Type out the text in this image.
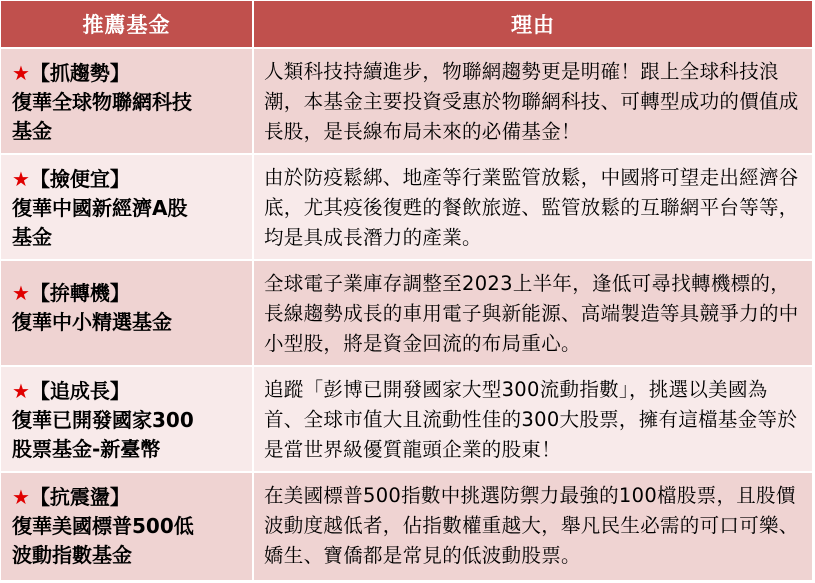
推薦基金	理由
★【抓趨勢】
復華全球物聯網科技
基金
人類科技持續進步，物聯網趨勢更是明確！跟上全球科技浪潮，本基金主要投資受惠於物聯網科技、可轉型成功的價值成長股，是長線布局未來的必備基金！
★【撿便宜】
復華中國新經濟A股
基金
由於防疫鬆綁、地產等行業監管放鬆，中國將可望走出經濟谷底，尤其疫後復甦的餐飲旅遊、監管放鬆的互聯網平台等等，均是具成長潛力的產業。
★【拚轉機】
復華中小精選基金
全球電子業庫存調整至2023上半年，逢低可尋找轉機標的，長線趨勢成長的車用電子與新能源、高端製造等具競爭力的中小型股，將是資金回流的布局重心。
★【追成長】
復華已開發國家300
股票基金-新臺幣
追蹤「彭博已開發國家大型300流動指數」，挑選以美國為首、全球市值大且流動性佳的300大股票，擁有這檔基金等於是當世界級優質龍頭企業的股東！
★【抗震盪】
復華美國標普500低
波動指數基金
在美國標普500指數中挑選防禦力最強的100檔股票，且股價波動度越低者，佔指數權重越大，舉凡民生必需的可口可樂、嬌生、寶僑都是常見的低波動股票。
